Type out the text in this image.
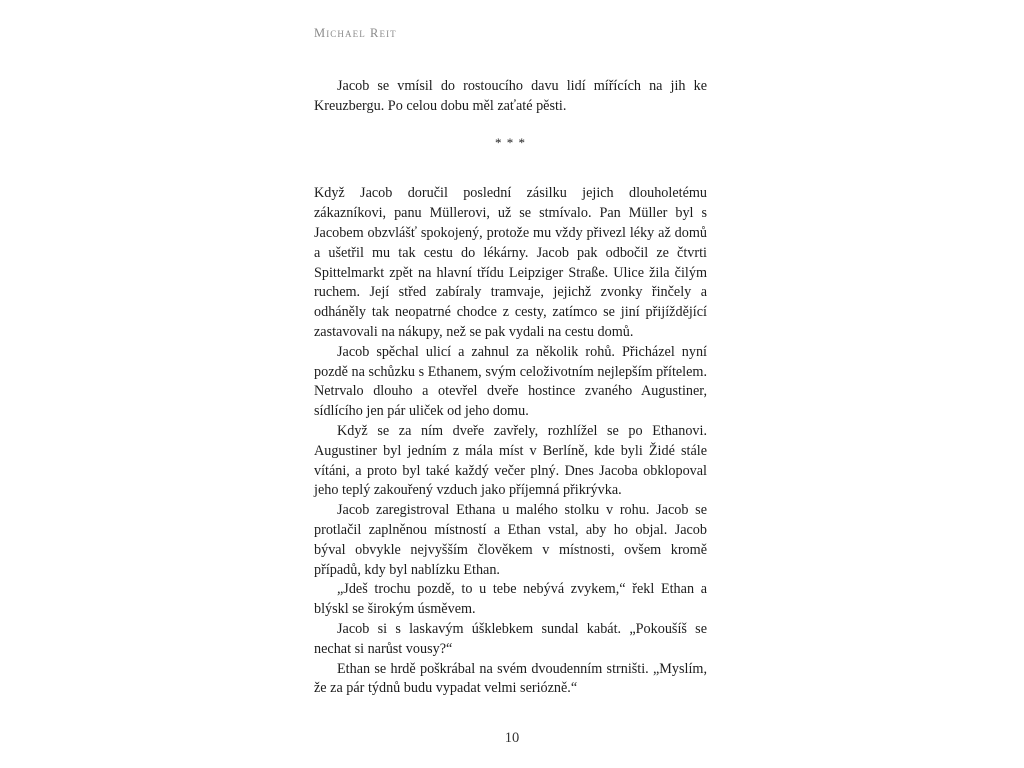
Michael Reit

Jacob se vmísil do rostoucího davu lidí mířících na jih ke Kreuzbergu. Po celou dobu měl zaťaté pěsti.

* * *

Když Jacob doručil poslední zásilku jejich dlouholetému zákazníkovi, panu Müllerovi, už se stmívalo. Pan Müller byl s Jacobem obzvlášť spokojený, protože mu vždy přivezl léky až domů a ušetřil mu tak cestu do lékárny. Jacob pak odbočil ze čtvrti Spittelmarkt zpět na hlavní třídu Leipziger Straße. Ulice žila čilým ruchem. Její střed zabíraly tramvaje, jejichž zvonky řinčely a odháněly tak neopatrné chodce z cesty, zatímco se jiní přijíždějící zastavovali na nákupy, než se pak vydali na cestu domů.

Jacob spěchal ulicí a zahnul za několik rohů. Přicházel nyní pozdě na schůzku s Ethanem, svým celoživotním nejlepším přítelem. Netrvalo dlouho a otevřel dveře hostince zvaného Augustiner, sídlícího jen pár uliček od jeho domu.

Když se za ním dveře zavřely, rozhlížel se po Ethanovi. Augustiner byl jedním z mála míst v Berlíně, kde byli Židé stále vítáni, a proto byl také každý večer plný. Dnes Jacoba obklopoval jeho teplý zakouřený vzduch jako příjemná přikrývka.

Jacob zaregistroval Ethana u malého stolku v rohu. Jacob se protlačil zaplněnou místností a Ethan vstal, aby ho objal. Jacob býval obvykle nejvyšším člověkem v místnosti, ovšem kromě případů, kdy byl nablízku Ethan.

„Jdeš trochu pozdě, to u tebe nebývá zvykem,“ řekl Ethan a blýskl se širokým úsměvem.

Jacob si s laskavým úšklebkem sundal kabát. „Pokoušíš se nechat si narůst vousy?“

Ethan se hrdě poškrábal na svém dvoudenním strništi. „Myslím, že za pár týdnů budu vypadat velmi seriózně.“

10
